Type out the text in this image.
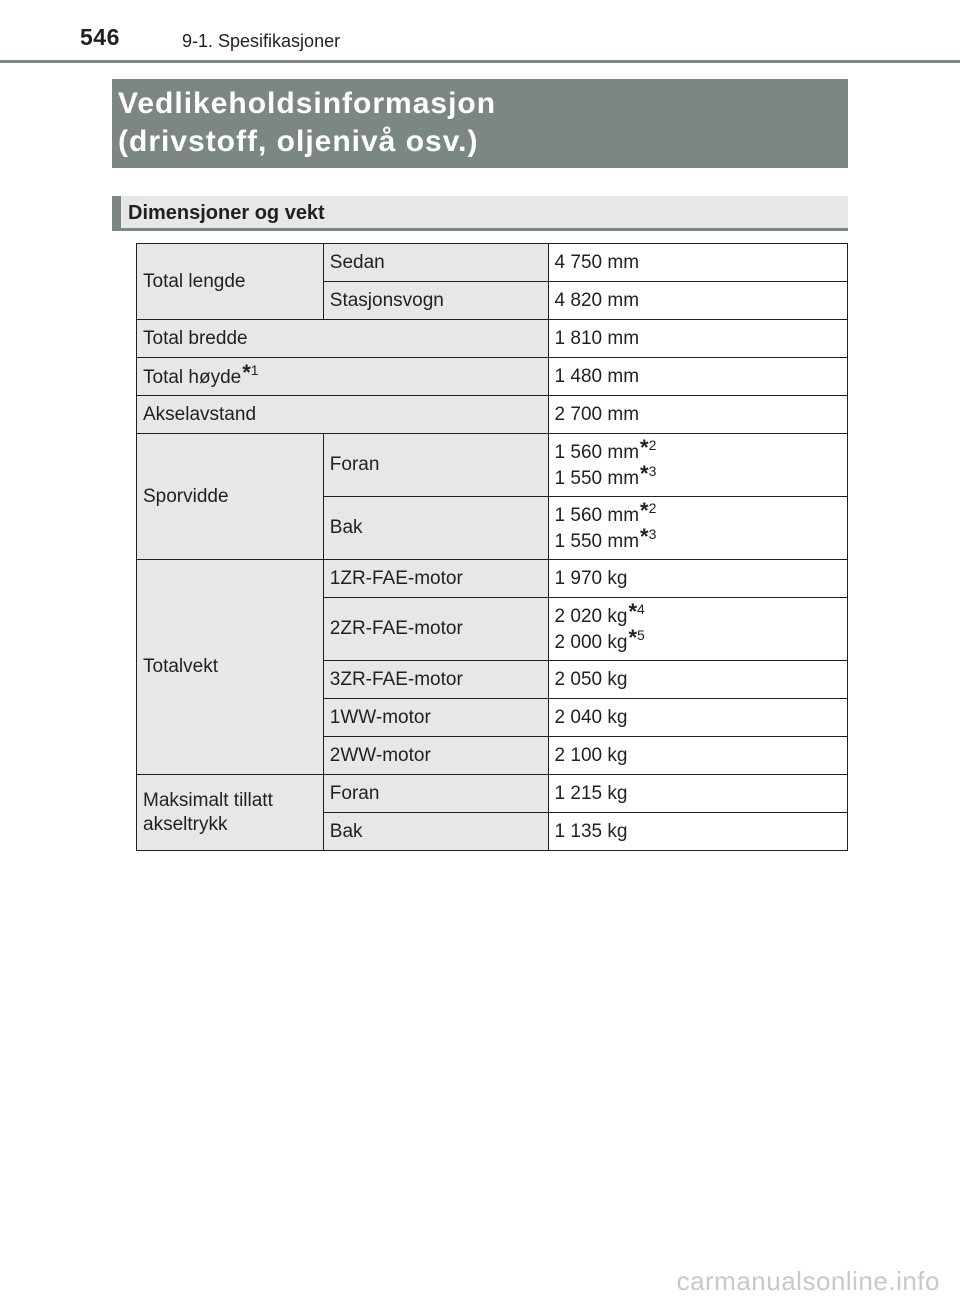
546	9-1. Spesifikasjoner
Vedlikeholdsinformasjon
(drivstoff, oljenivå osv.)
Dimensjoner og vekt
Total lengde	Sedan	4 750 mm
	Stasjonsvogn	4 820 mm
Total bredde		1 810 mm
Total høyde*$^1$		1 480 mm
Akselavstand		2 700 mm
Sporvidde	Foran	1 560 mm*$^2$
1 550 mm*$^3$

	Bak	1 560 mm*$^2$
1 550 mm*$^3$

Totalvekt	1ZR-FAE-motor	1 970 kg
	2ZR-FAE-motor	2 020 kg*$^4$
2 000 kg*$^5$

	3ZR-FAE-motor	2 050 kg
	1WW-motor	2 040 kg
	2WW-motor	2 100 kg

Maksimalt tillatt
akseltrykk	Foran	1 215 kg
	Bak	1 135 kg
carmanualsonline.info
